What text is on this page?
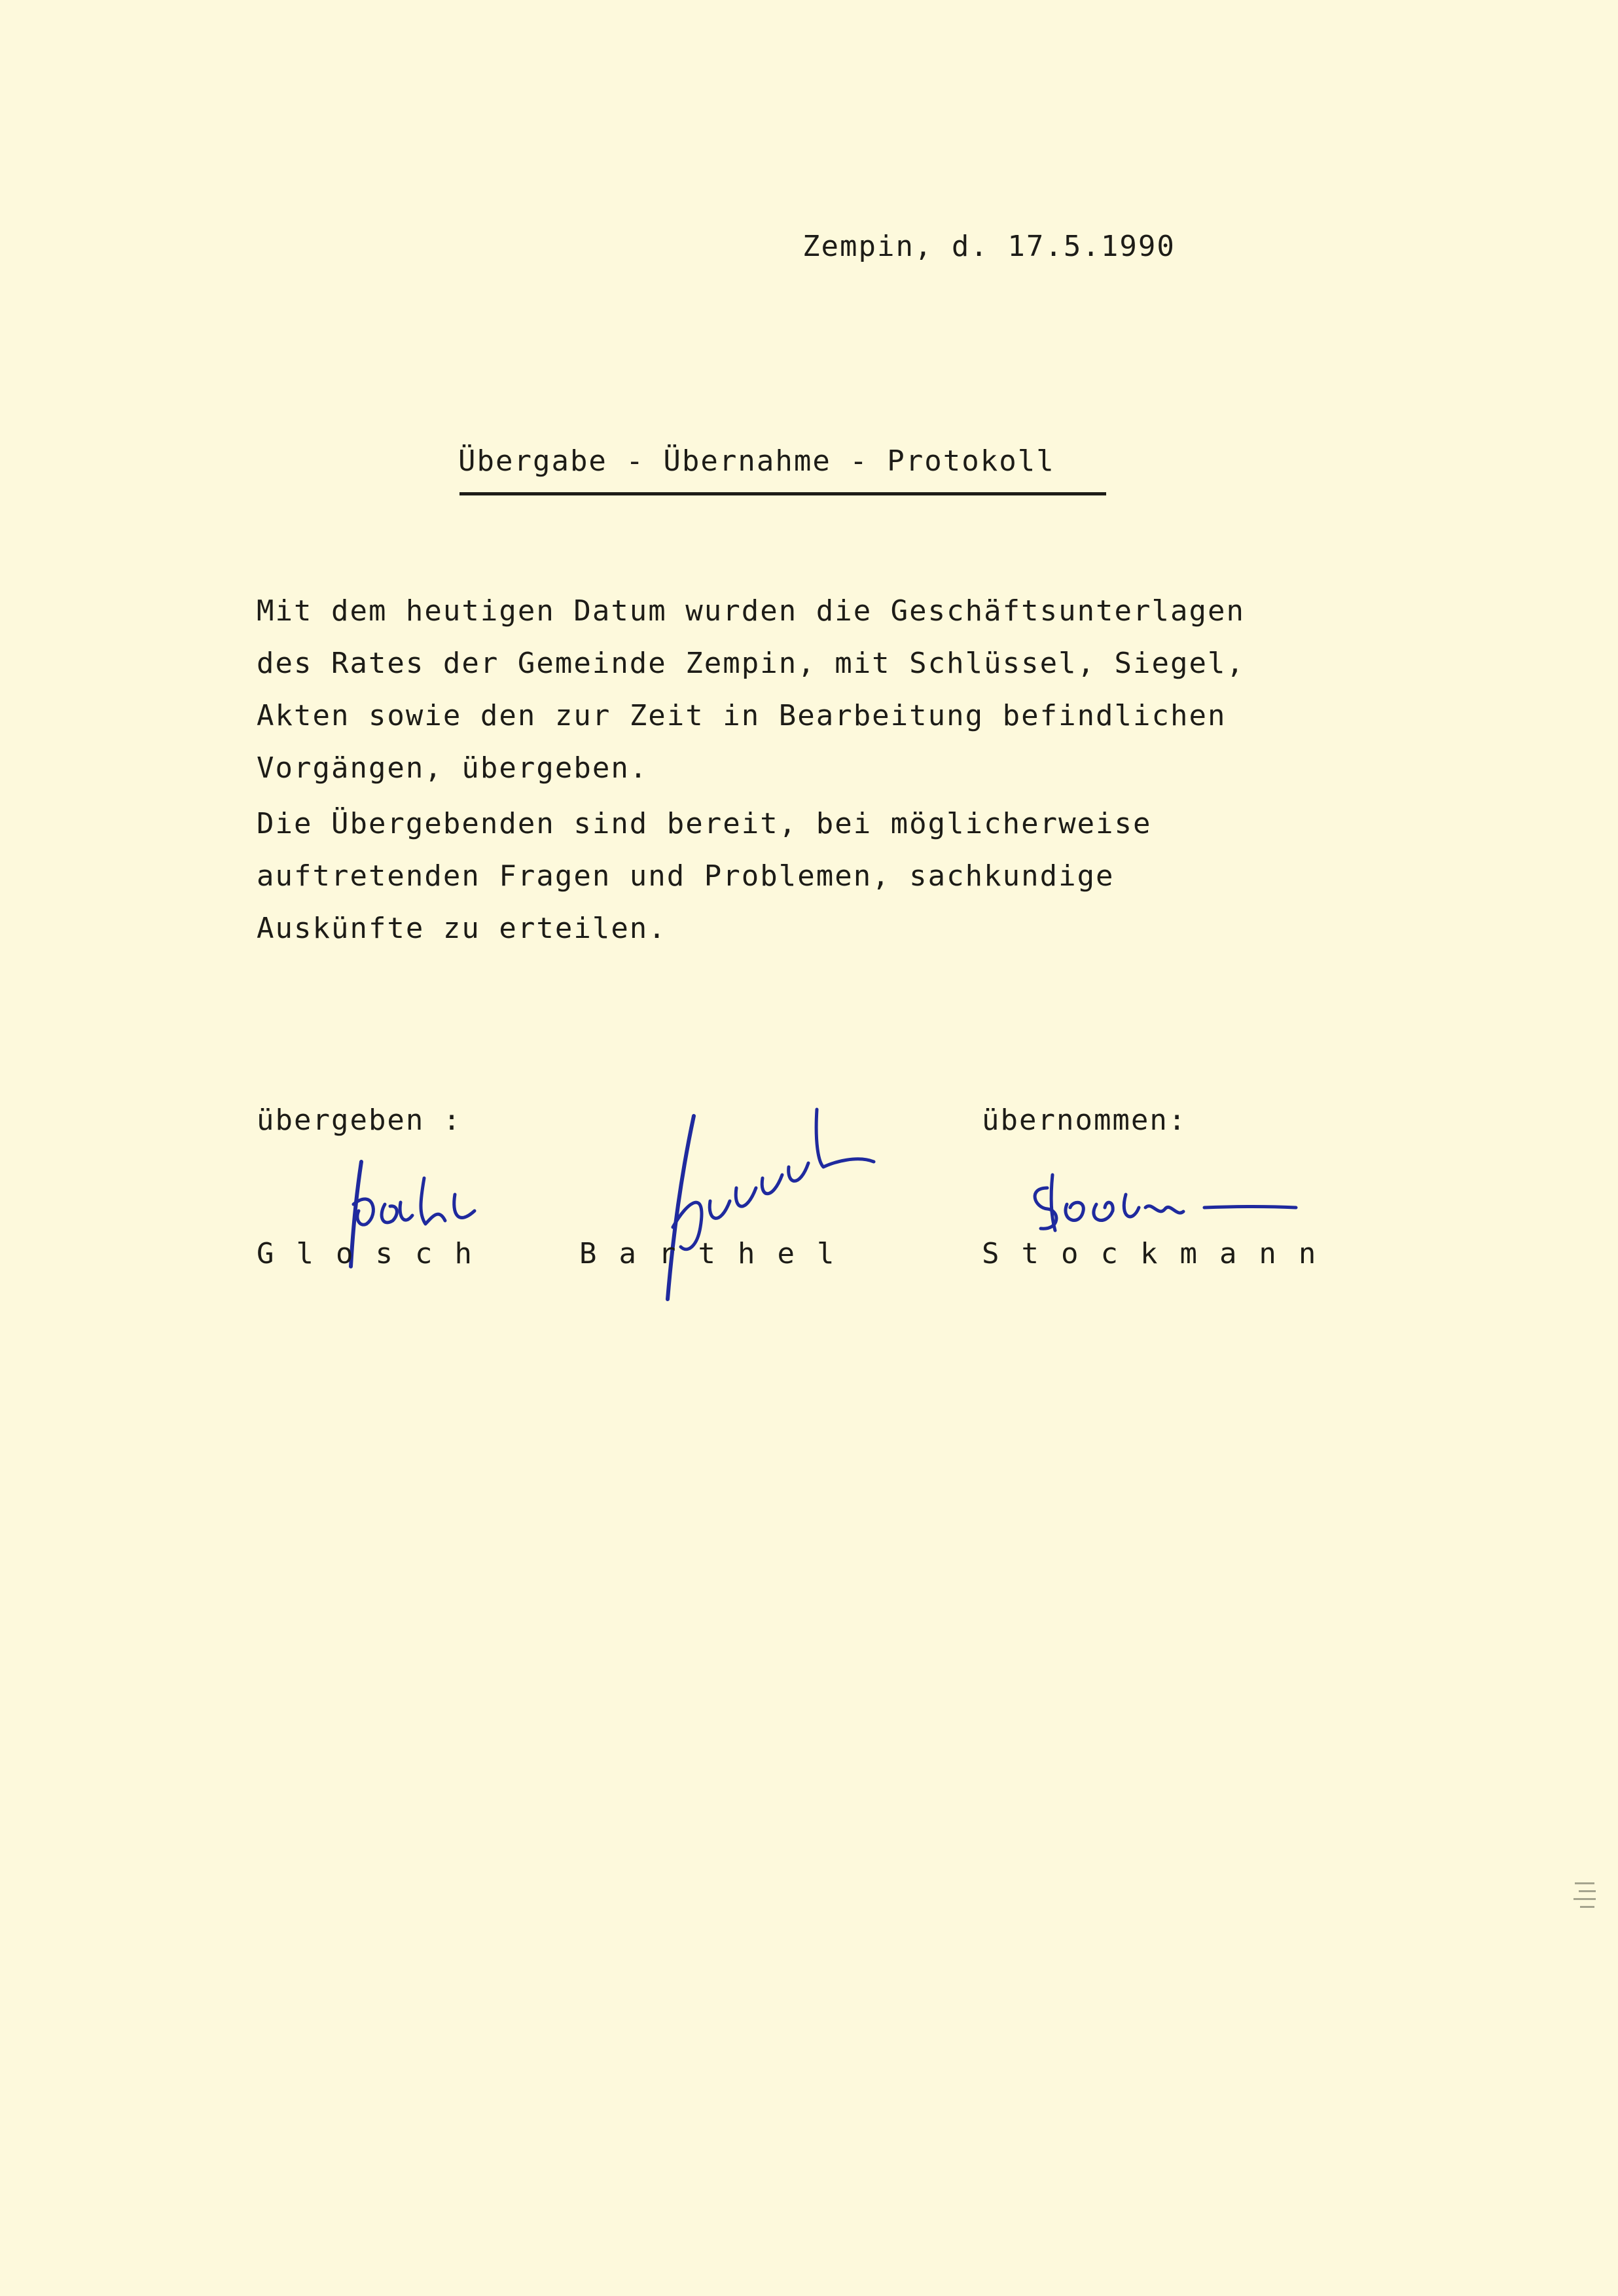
Zempin, d. 17.5.1990
Übergabe - Übernahme - Protokoll
Mit dem heutigen Datum wurden die Geschäftsunterlagen
des Rates der Gemeinde Zempin, mit Schlüssel, Siegel,
Akten sowie den zur Zeit in Bearbeitung befindlichen
Vorgängen, übergeben.
Die Übergebenden sind bereit, bei möglicherweise
auftretenden Fragen und Problemen, sachkundige
Auskünfte zu erteilen.
übergeben :	übernommen:
Glosch	Barthel	Stockmann
